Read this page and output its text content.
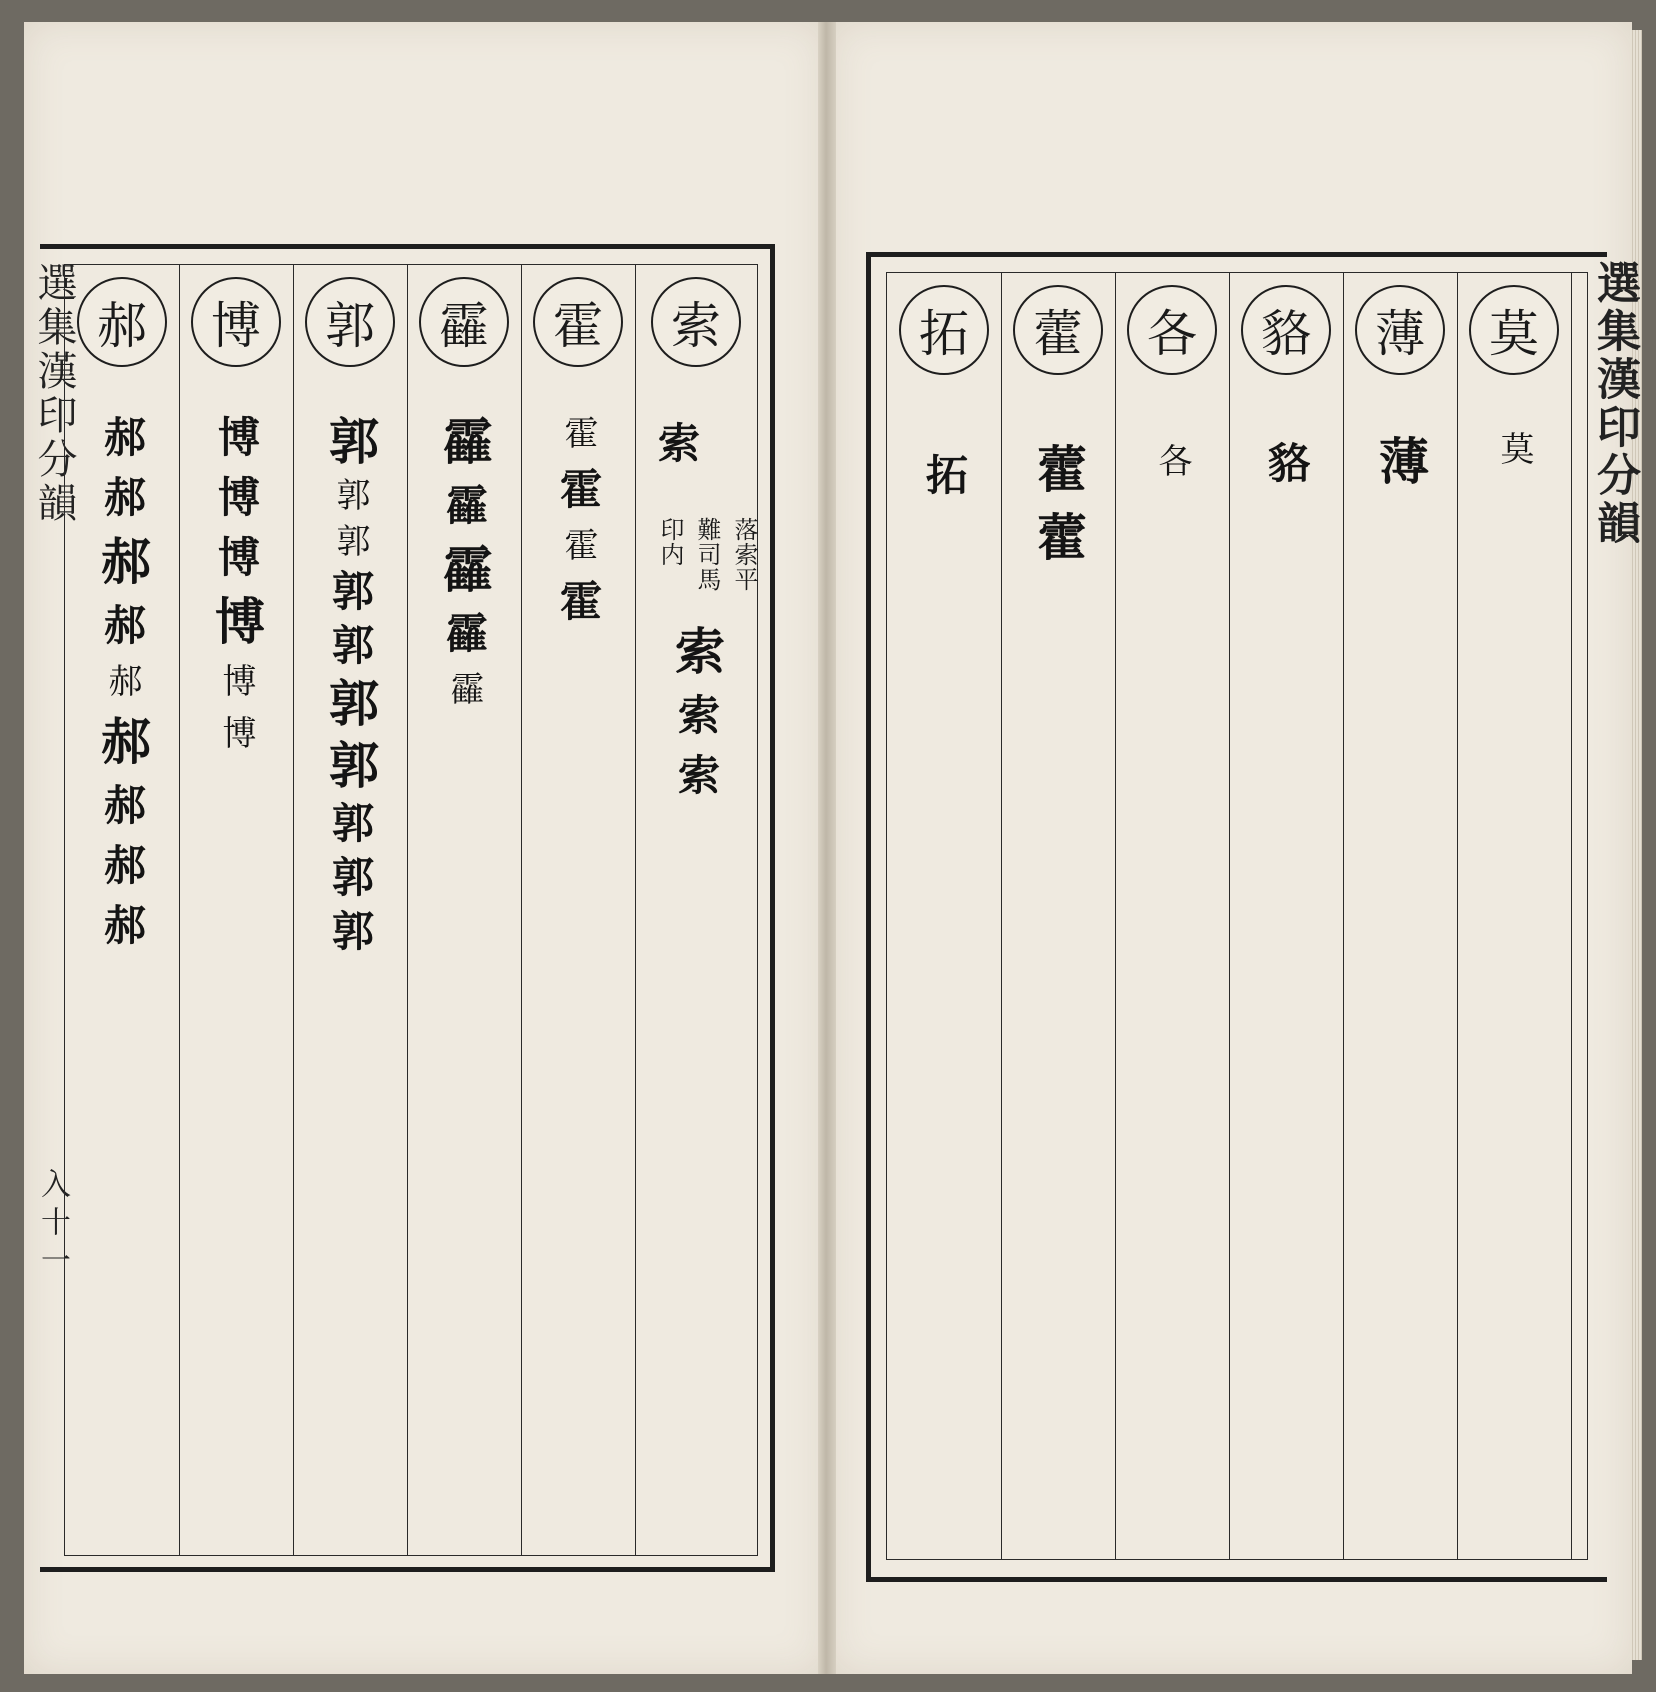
選集漢印分韻
入十一
郝
郝
郝
郝
郝
郝
郝
郝
郝
郝
博
博
博
博
博
博
博
郭
郭
郭
郭
郭
郭
郭
郭
郭
郭
郭
靃
靃
靃
靃
靃
靃
霍
霍
霍
霍
霍
索
索
落索平
難司馬
印内
索
索
索
選集漢印分韻
拓
拓
藿
藿
藿
各
各
貉
貉
薄
薄
莫
莫
